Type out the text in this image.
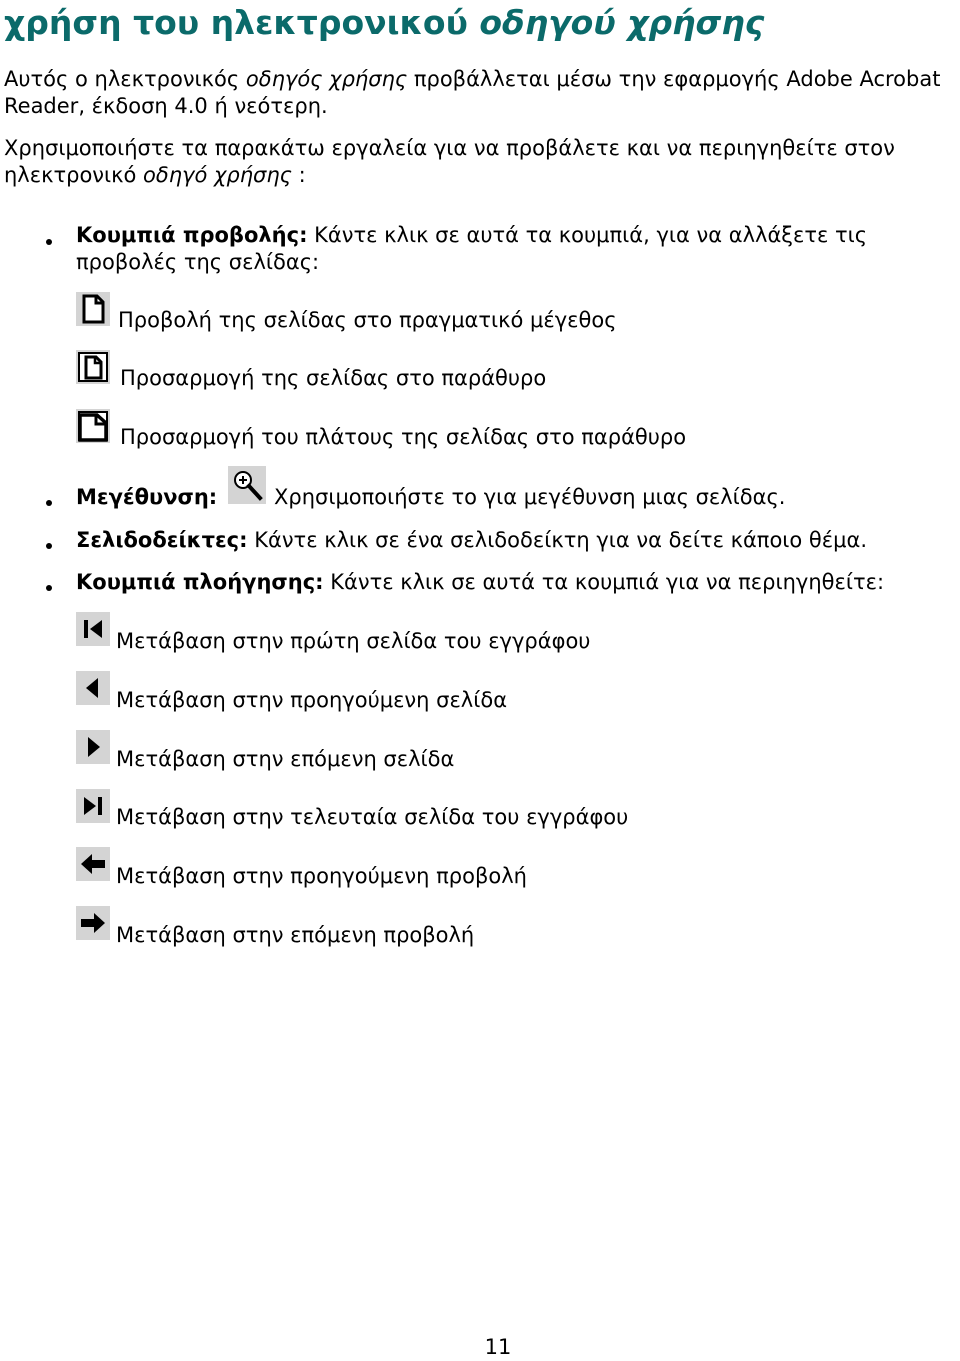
χρήση του ηλεκτρονικού οδηγού χρήσης

Αυτός ο ηλεκτρονικός οδηγός χρήσης προβάλλεται μέσω την εφαρμογής Adobe Acrobat

Reader, έκδοση 4.0 ή νεότερη.

Χρησιμοποιήστε τα παρακάτω εργαλεία για να προβάλετε και να περιηγηθείτε στον

ηλεκτρονικό οδηγό χρήσης :

Κουμπιά προβολής: Κάντε κλικ σε αυτά τα κουμπιά, για να αλλάξετε τις

προβολές της σελίδας:

Προβολή της σελίδας στο πραγματικό μέγεθος

Προσαρμογή της σελίδας στο παράθυρο

Προσαρμογή του πλάτους της σελίδας στο παράθυρο

Μεγέθυνση:	Χρησιμοποιήστε το για μεγέθυνση μιας σελίδας.

Σελιδοδείκτες: Κάντε κλικ σε ένα σελιδοδείκτη για να δείτε κάποιο θέμα.

Κουμπιά πλοήγησης: Κάντε κλικ σε αυτά τα κουμπιά για να περιηγηθείτε:

Μετάβαση στην πρώτη σελίδα του εγγράφου

Μετάβαση στην προηγούμενη σελίδα

Μετάβαση στην επόμενη σελίδα

Μετάβαση στην τελευταία σελίδα του εγγράφου

Μετάβαση στην προηγούμενη προβολή

Μετάβαση στην επόμενη προβολή

11
